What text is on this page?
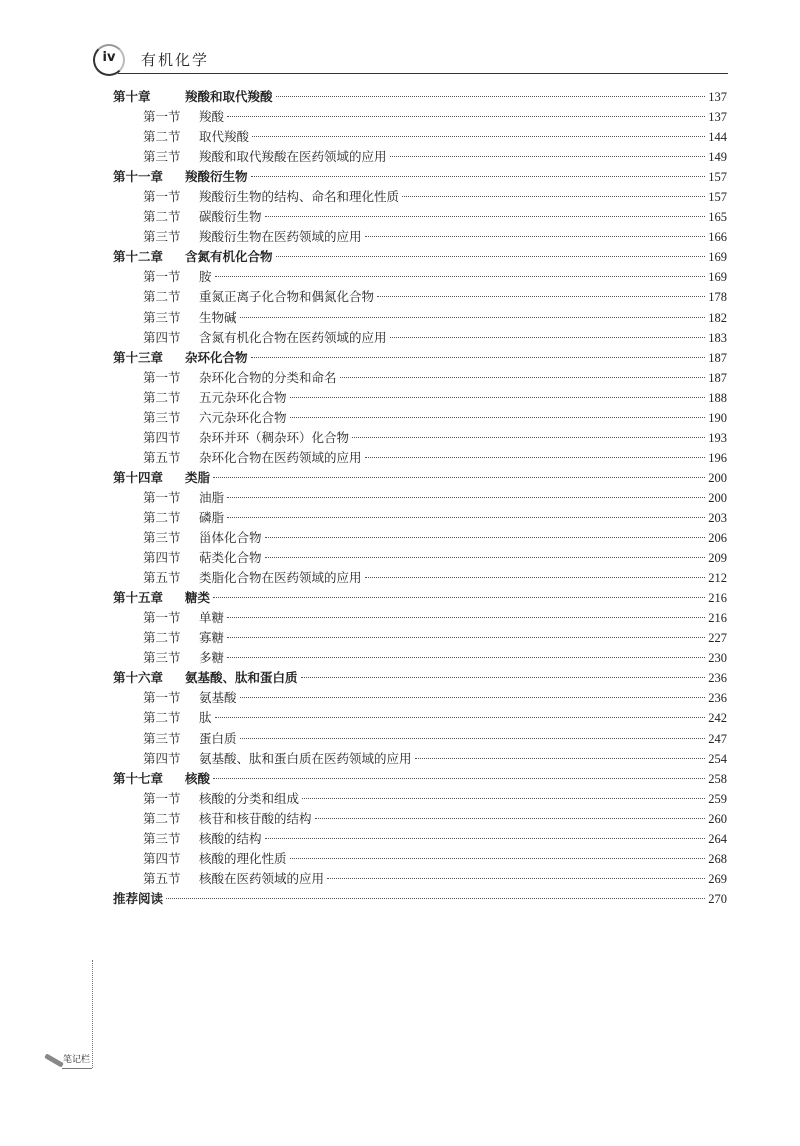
iv	有机化学
第十章	羧酸和取代羧酸	137
第一节	羧酸	137
第二节	取代羧酸	144
第三节	羧酸和取代羧酸在医药领域的应用	149
第十一章	羧酸衍生物	157
第一节	羧酸衍生物的结构、命名和理化性质	157
第二节	碳酸衍生物	165
第三节	羧酸衍生物在医药领域的应用	166
第十二章	含氮有机化合物	169
第一节	胺	169
第二节	重氮正离子化合物和偶氮化合物	178
第三节	生物碱	182
第四节	含氮有机化合物在医药领域的应用	183
第十三章	杂环化合物	187
第一节	杂环化合物的分类和命名	187
第二节	五元杂环化合物	188
第三节	六元杂环化合物	190
第四节	杂环并环（稠杂环）化合物	193
第五节	杂环化合物在医药领域的应用	196
第十四章	类脂	200
第一节	油脂	200
第二节	磷脂	203
第三节	甾体化合物	206
第四节	萜类化合物	209
第五节	类脂化合物在医药领域的应用	212
第十五章	糖类	216
第一节	单糖	216
第二节	寡糖	227
第三节	多糖	230
第十六章	氨基酸、肽和蛋白质	236
第一节	氨基酸	236
第二节	肽	242
第三节	蛋白质	247
第四节	氨基酸、肽和蛋白质在医药领域的应用	254
第十七章	核酸	258
第一节	核酸的分类和组成	259
第二节	核苷和核苷酸的结构	260
第三节	核酸的结构	264
第四节	核酸的理化性质	268
第五节	核酸在医药领域的应用	269
推荐阅读	270
笔记栏
